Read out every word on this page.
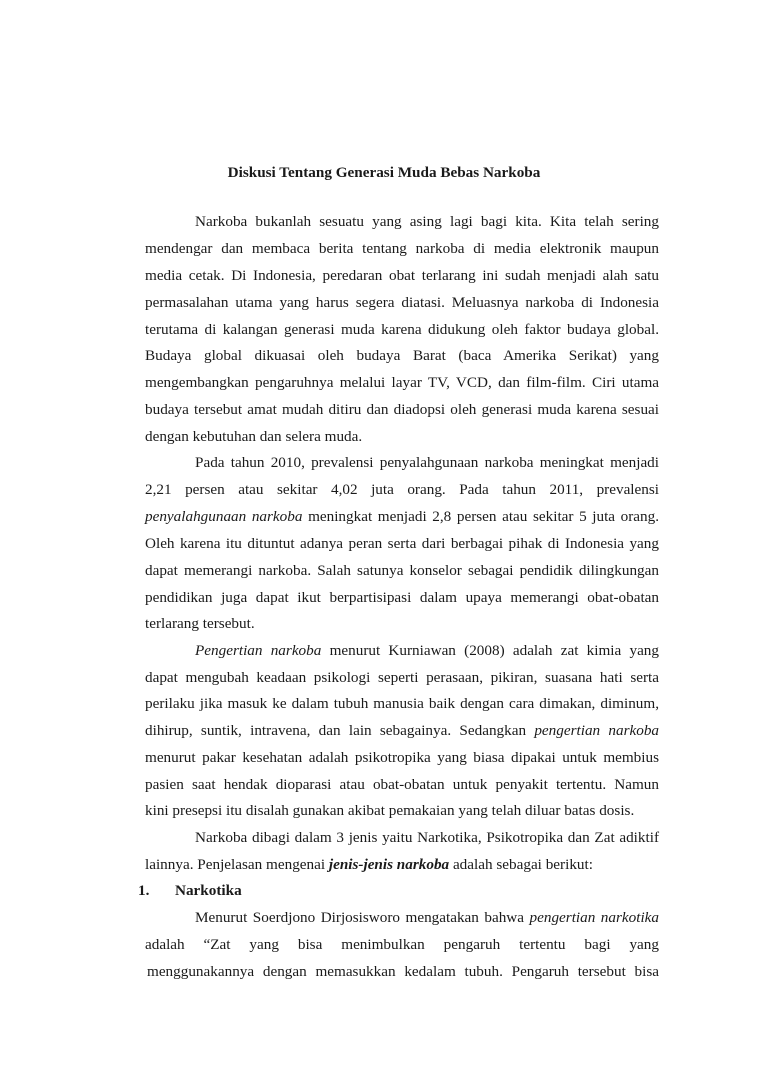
Diskusi Tentang Generasi Muda Bebas Narkoba
Narkoba bukanlah sesuatu yang asing lagi bagi kita. Kita telah sering
mendengar dan membaca berita tentang narkoba di media elektronik maupun
media cetak. Di Indonesia, peredaran obat terlarang ini sudah menjadi alah satu
permasalahan utama yang harus segera diatasi. Meluasnya narkoba di Indonesia
terutama di kalangan generasi muda karena didukung oleh faktor budaya global.
Budaya global dikuasai oleh budaya Barat (baca Amerika Serikat) yang
mengembangkan pengaruhnya melalui layar TV, VCD, dan film-film. Ciri utama
budaya tersebut amat mudah ditiru dan diadopsi oleh generasi muda karena sesuai
dengan kebutuhan dan selera muda.
Pada tahun 2010, prevalensi penyalahgunaan narkoba meningkat menjadi
2,21 persen atau sekitar 4,02 juta orang. Pada tahun 2011, prevalensi
penyalahgunaan narkoba meningkat menjadi 2,8 persen atau sekitar 5 juta orang.
Oleh karena itu dituntut adanya peran serta dari berbagai pihak di Indonesia yang
dapat memerangi narkoba. Salah satunya konselor sebagai pendidik dilingkungan
pendidikan juga dapat ikut berpartisipasi dalam upaya memerangi obat-obatan
terlarang tersebut.
Pengertian narkoba menurut Kurniawan (2008) adalah zat kimia yang
dapat mengubah keadaan psikologi seperti perasaan, pikiran, suasana hati serta
perilaku jika masuk ke dalam tubuh manusia baik dengan cara dimakan, diminum,
dihirup, suntik, intravena, dan lain sebagainya. Sedangkan pengertian narkoba
menurut pakar kesehatan adalah psikotropika yang biasa dipakai untuk membius
pasien saat hendak dioparasi atau obat-obatan untuk penyakit tertentu. Namun
kini presepsi itu disalah gunakan akibat pemakaian yang telah diluar batas dosis.
Narkoba dibagi dalam 3 jenis yaitu Narkotika, Psikotropika dan Zat adiktif
lainnya. Penjelasan mengenai jenis-jenis narkoba adalah sebagai berikut:
1. Narkotika
Menurut Soerdjono Dirjosisworo mengatakan bahwa pengertian narkotika
adalah “Zat yang bisa menimbulkan pengaruh tertentu bagi yang
menggunakannya dengan memasukkan kedalam tubuh. Pengaruh tersebut bisa
